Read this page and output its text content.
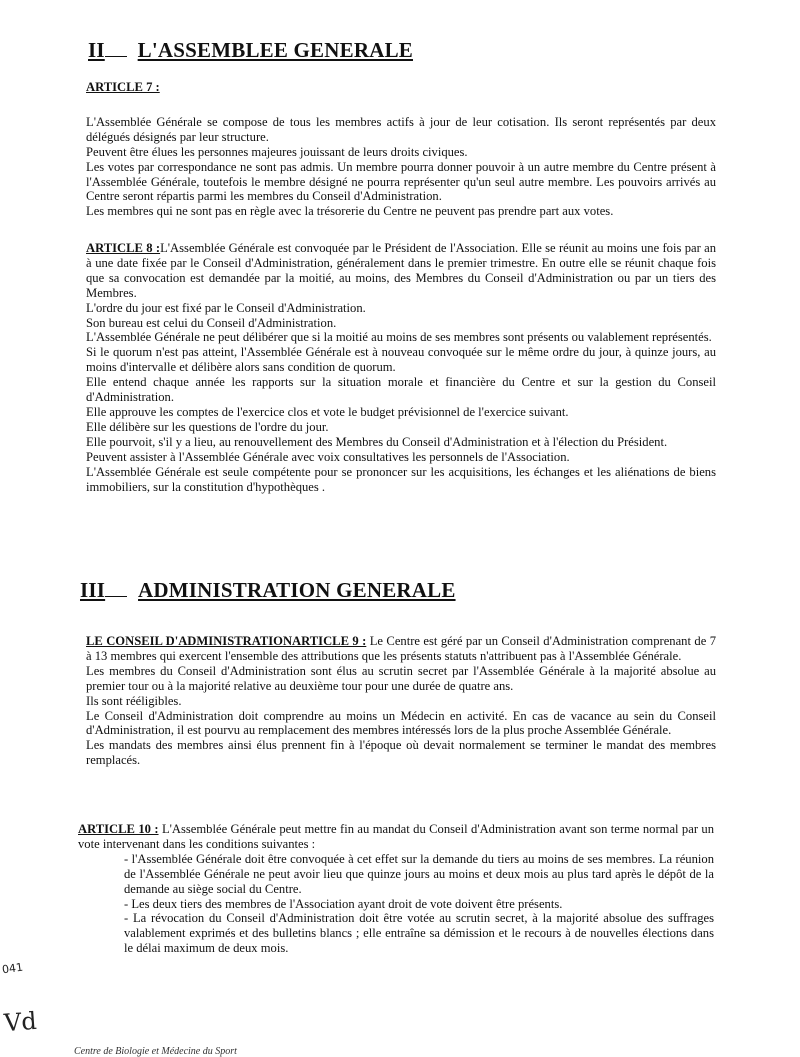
II L'ASSEMBLEE GENERALE

ARTICLE 7 :

L'Assemblée Générale se compose de tous les membres actifs à jour de leur cotisation. Ils seront représentés par deux délégués désignés par leur structure.

Peuvent être élues les personnes majeures jouissant de leurs droits civiques.

Les votes par correspondance ne sont pas admis. Un membre pourra donner pouvoir à un autre membre du Centre présent à l'Assemblée Générale, toutefois le membre désigné ne pourra représenter qu'un seul autre membre. Les pouvoirs arrivés au Centre seront répartis parmi les membres du Conseil d'Administration.

Les membres qui ne sont pas en règle avec la trésorerie du Centre ne peuvent pas prendre part aux votes.

ARTICLE 8 :L'Assemblée Générale est convoquée par le Président de l'Association. Elle se réunit au moins une fois par an à une date fixée par le Conseil d'Administration, généralement dans le premier trimestre. En outre elle se réunit chaque fois que sa convocation est demandée par la moitié, au moins, des Membres du Conseil d'Administration ou par un tiers des Membres.

L'ordre du jour est fixé par le Conseil d'Administration.

Son bureau est celui du Conseil d'Administration.

L'Assemblée Générale ne peut délibérer que si la moitié au moins de ses membres sont présents ou valablement représentés.

Si le quorum n'est pas atteint, l'Assemblée Générale est à nouveau convoquée sur le même ordre du jour, à quinze jours, au moins d'intervalle et délibère alors sans condition de quorum.

Elle entend chaque année les rapports sur la situation morale et financière du Centre et sur la gestion du Conseil d'Administration.

Elle approuve les comptes de l'exercice clos et vote le budget prévisionnel de l'exercice suivant.

Elle délibère sur les questions de l'ordre du jour.

Elle pourvoit, s'il y a lieu, au renouvellement des Membres du Conseil d'Administration et à l'élection du Président.

Peuvent assister à l'Assemblée Générale avec voix consultatives les personnels de l'Association.

L'Assemblée Générale est seule compétente pour se prononcer sur les acquisitions, les échanges et les aliénations de biens immobiliers, sur la constitution d'hypothèques .

III ADMINISTRATION GENERALE

LE CONSEIL D'ADMINISTRATIONARTICLE 9 : Le Centre est géré par un Conseil d'Administration comprenant de 7 à 13 membres qui exercent l'ensemble des attributions que les présents statuts n'attribuent pas à l'Assemblée Générale.

Les membres du Conseil d'Administration sont élus au scrutin secret par l'Assemblée Générale à la majorité absolue au premier tour ou à la majorité relative au deuxième tour pour une durée de quatre ans.

Ils sont rééligibles.

Le Conseil d'Administration doit comprendre au moins un Médecin en activité. En cas de vacance au sein du Conseil d'Administration, il est pourvu au remplacement des membres intéressés lors de la plus proche Assemblée Générale.

Les mandats des membres ainsi élus prennent fin à l'époque où devait normalement se terminer le mandat des membres remplacés.

ARTICLE 10 : L'Assemblée Générale peut mettre fin au mandat du Conseil d'Administration avant son terme normal par un vote intervenant dans les conditions suivantes :

- l'Assemblée Générale doit être convoquée à cet effet sur la demande du tiers au moins de ses membres. La réunion de l'Assemblée Générale ne peut avoir lieu que quinze jours au moins et deux mois au plus tard après le dépôt de la demande au siège social du Centre.

- Les deux tiers des membres de l'Association ayant droit de vote doivent être présents.

- La révocation du Conseil d'Administration doit être votée au scrutin secret, à la majorité absolue des suffrages valablement exprimés et des bulletins blancs ; elle entraîne sa démission et le recours à de nouvelles élections dans le délai maximum de deux mois.

041
Vd
Centre de Biologie et Médecine du Sport
